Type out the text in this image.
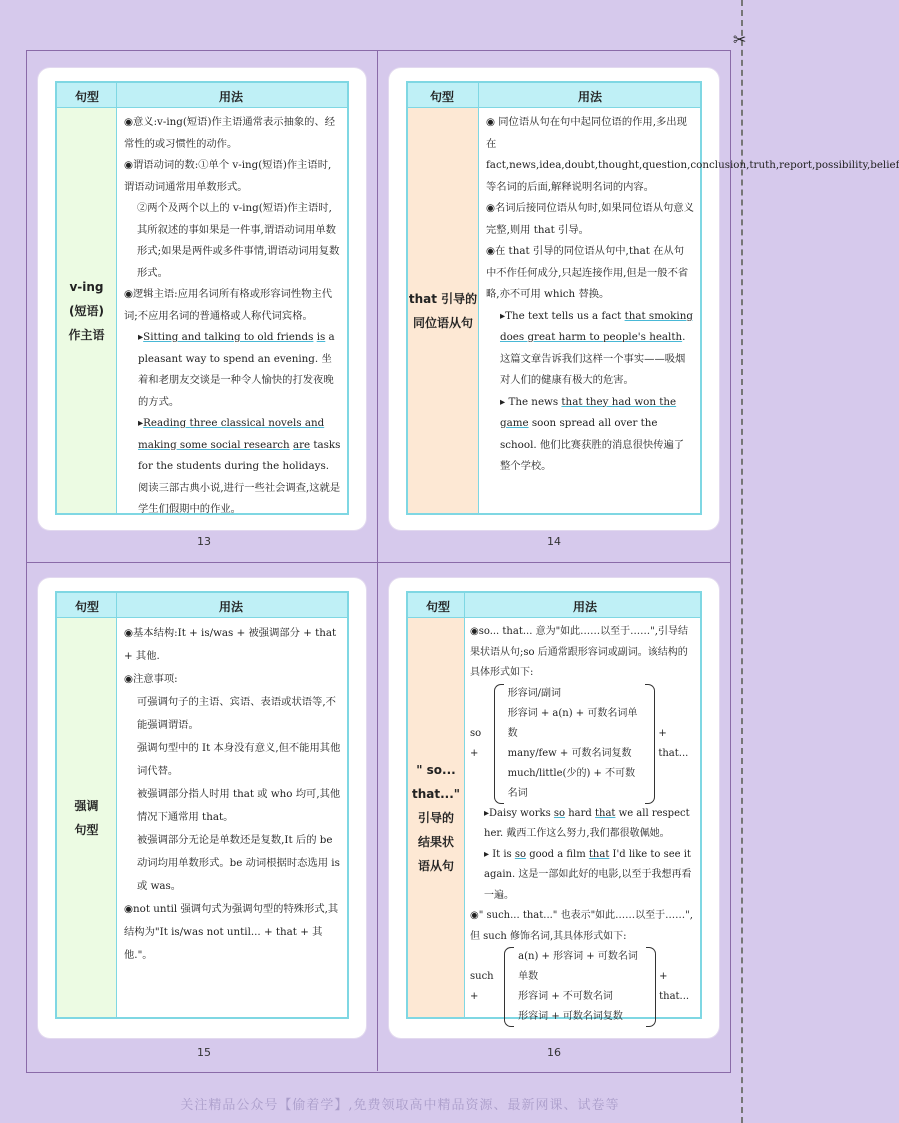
✂
句型	用法
v-ing
(短语)
作主语

◉意义:v-ing(短语)作主语通常表示抽象的、经常性的或习惯性的动作。

◉谓语动词的数:①单个 v-ing(短语)作主语时,谓语动词通常用单数形式。

②两个及两个以上的 v-ing(短语)作主语时,其所叙述的事如果是一件事,谓语动词用单数形式;如果是两件或多件事情,谓语动词用复数形式。

◉逻辑主语:应用名词所有格或形容词性物主代词;不应用名词的普通格或人称代词宾格。

▸Sitting and talking to old friends is a pleasant way to spend an evening. 坐着和老朋友交谈是一种令人愉快的打发夜晚的方式。

▸Reading three classical novels and making some social research are tasks for the students during the holidays. 阅读三部古典小说,进行一些社会调查,这就是学生们假期中的作业。

13
句型	用法
that 引导的
同位语从句

◉ 同位语从句在句中起同位语的作用,多出现在 fact,news,idea,doubt,thought,question,conclusion,truth,report,possibility,belief 等名词的后面,解释说明名词的内容。

◉名词后接同位语从句时,如果同位语从句意义完整,则用 that 引导。

◉在 that 引导的同位语从句中,that 在从句中不作任何成分,只起连接作用,但是一般不省略,亦不可用 which 替换。

▸The text tells us a fact that smoking does great harm to people's health. 这篇文章告诉我们这样一个事实——吸烟对人们的健康有极大的危害。

▸ The news that they had won the game soon spread all over the school. 他们比赛获胜的消息很快传遍了整个学校。

14
句型	用法
强调
句型

◉基本结构:It + is/was + 被强调部分 + that + 其他.

◉注意事项:

可强调句子的主语、宾语、表语或状语等,不能强调谓语。

强调句型中的 It 本身没有意义,但不能用其他词代替。

被强调部分指人时用 that 或 who 均可,其他情况下通常用 that。

被强调部分无论是单数还是复数,It 后的 be 动词均用单数形式。be 动词根据时态选用 is 或 was。

◉not until 强调句式为强调句型的特殊形式,其结构为"It is/was not until... + that + 其他."。

15
句型	用法
" so...
that..."
引导的
结果状
语从句

◉so... that... 意为"如此……以至于……",引导结果状语从句;so 后通常跟形容词或副词。该结构的具体形式如下:

so +
形容词/副词
形容词 + a(n) + 可数名词单数
many/few + 可数名词复数
much/little(少的) + 不可数名词
+ that...

▸Daisy works so hard that we all respect her. 戴西工作这么努力,我们都很敬佩她。

▸ It is so good a film that I'd like to see it again. 这是一部如此好的电影,以至于我想再看一遍。

◉" such... that..." 也表示"如此……以至于……",但 such 修饰名词,其具体形式如下:

such +
a(n) + 形容词 + 可数名词单数
形容词 + 不可数名词
形容词 + 可数名词复数
+ that...
16
关注精品公众号【偷着学】,免费领取高中精品资源、最新网课、试卷等
